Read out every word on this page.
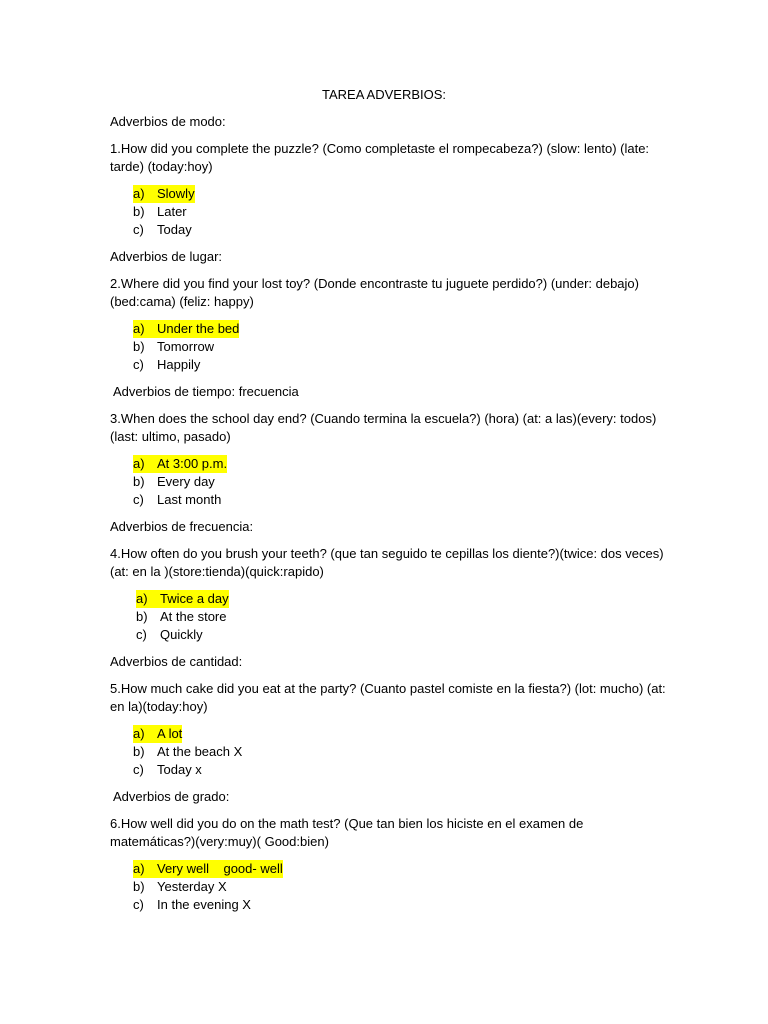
TAREA ADVERBIOS:

Adverbios de modo:

1.How did you complete the puzzle? (Como completaste el rompecabeza?) (slow: lento) (late: tarde) (today:hoy)

a) Slowly
b) Later
c) Today

Adverbios de lugar:

2.Where did you find your lost toy? (Donde encontraste tu juguete perdido?) (under: debajo) (bed:cama) (feliz: happy)

a) Under the bed
b) Tomorrow
c) Happily

Adverbios de tiempo: frecuencia

3.When does the school day end? (Cuando termina la escuela?) (hora) (at: a las)(every: todos) (last: ultimo, pasado)

a) At 3:00 p.m.
b) Every day
c) Last month

Adverbios de frecuencia:

4.How often do you brush your teeth? (que tan seguido te cepillas los diente?)(twice: dos veces)(at: en la )(store:tienda)(quick:rapido)

a) Twice a day
b) At the store
c) Quickly

Adverbios de cantidad:

5.How much cake did you eat at the party? (Cuanto pastel comiste en la fiesta?) (lot: mucho) (at: en la)(today:hoy)

a) A lot
b) At the beach X
c) Today x

Adverbios de grado:

6.How well did you do on the math test? (Que tan bien los hiciste en el examen de matemáticas?)(very:muy)( Good:bien)

a) Very well    good- well
b) Yesterday X
c) In the evening X
